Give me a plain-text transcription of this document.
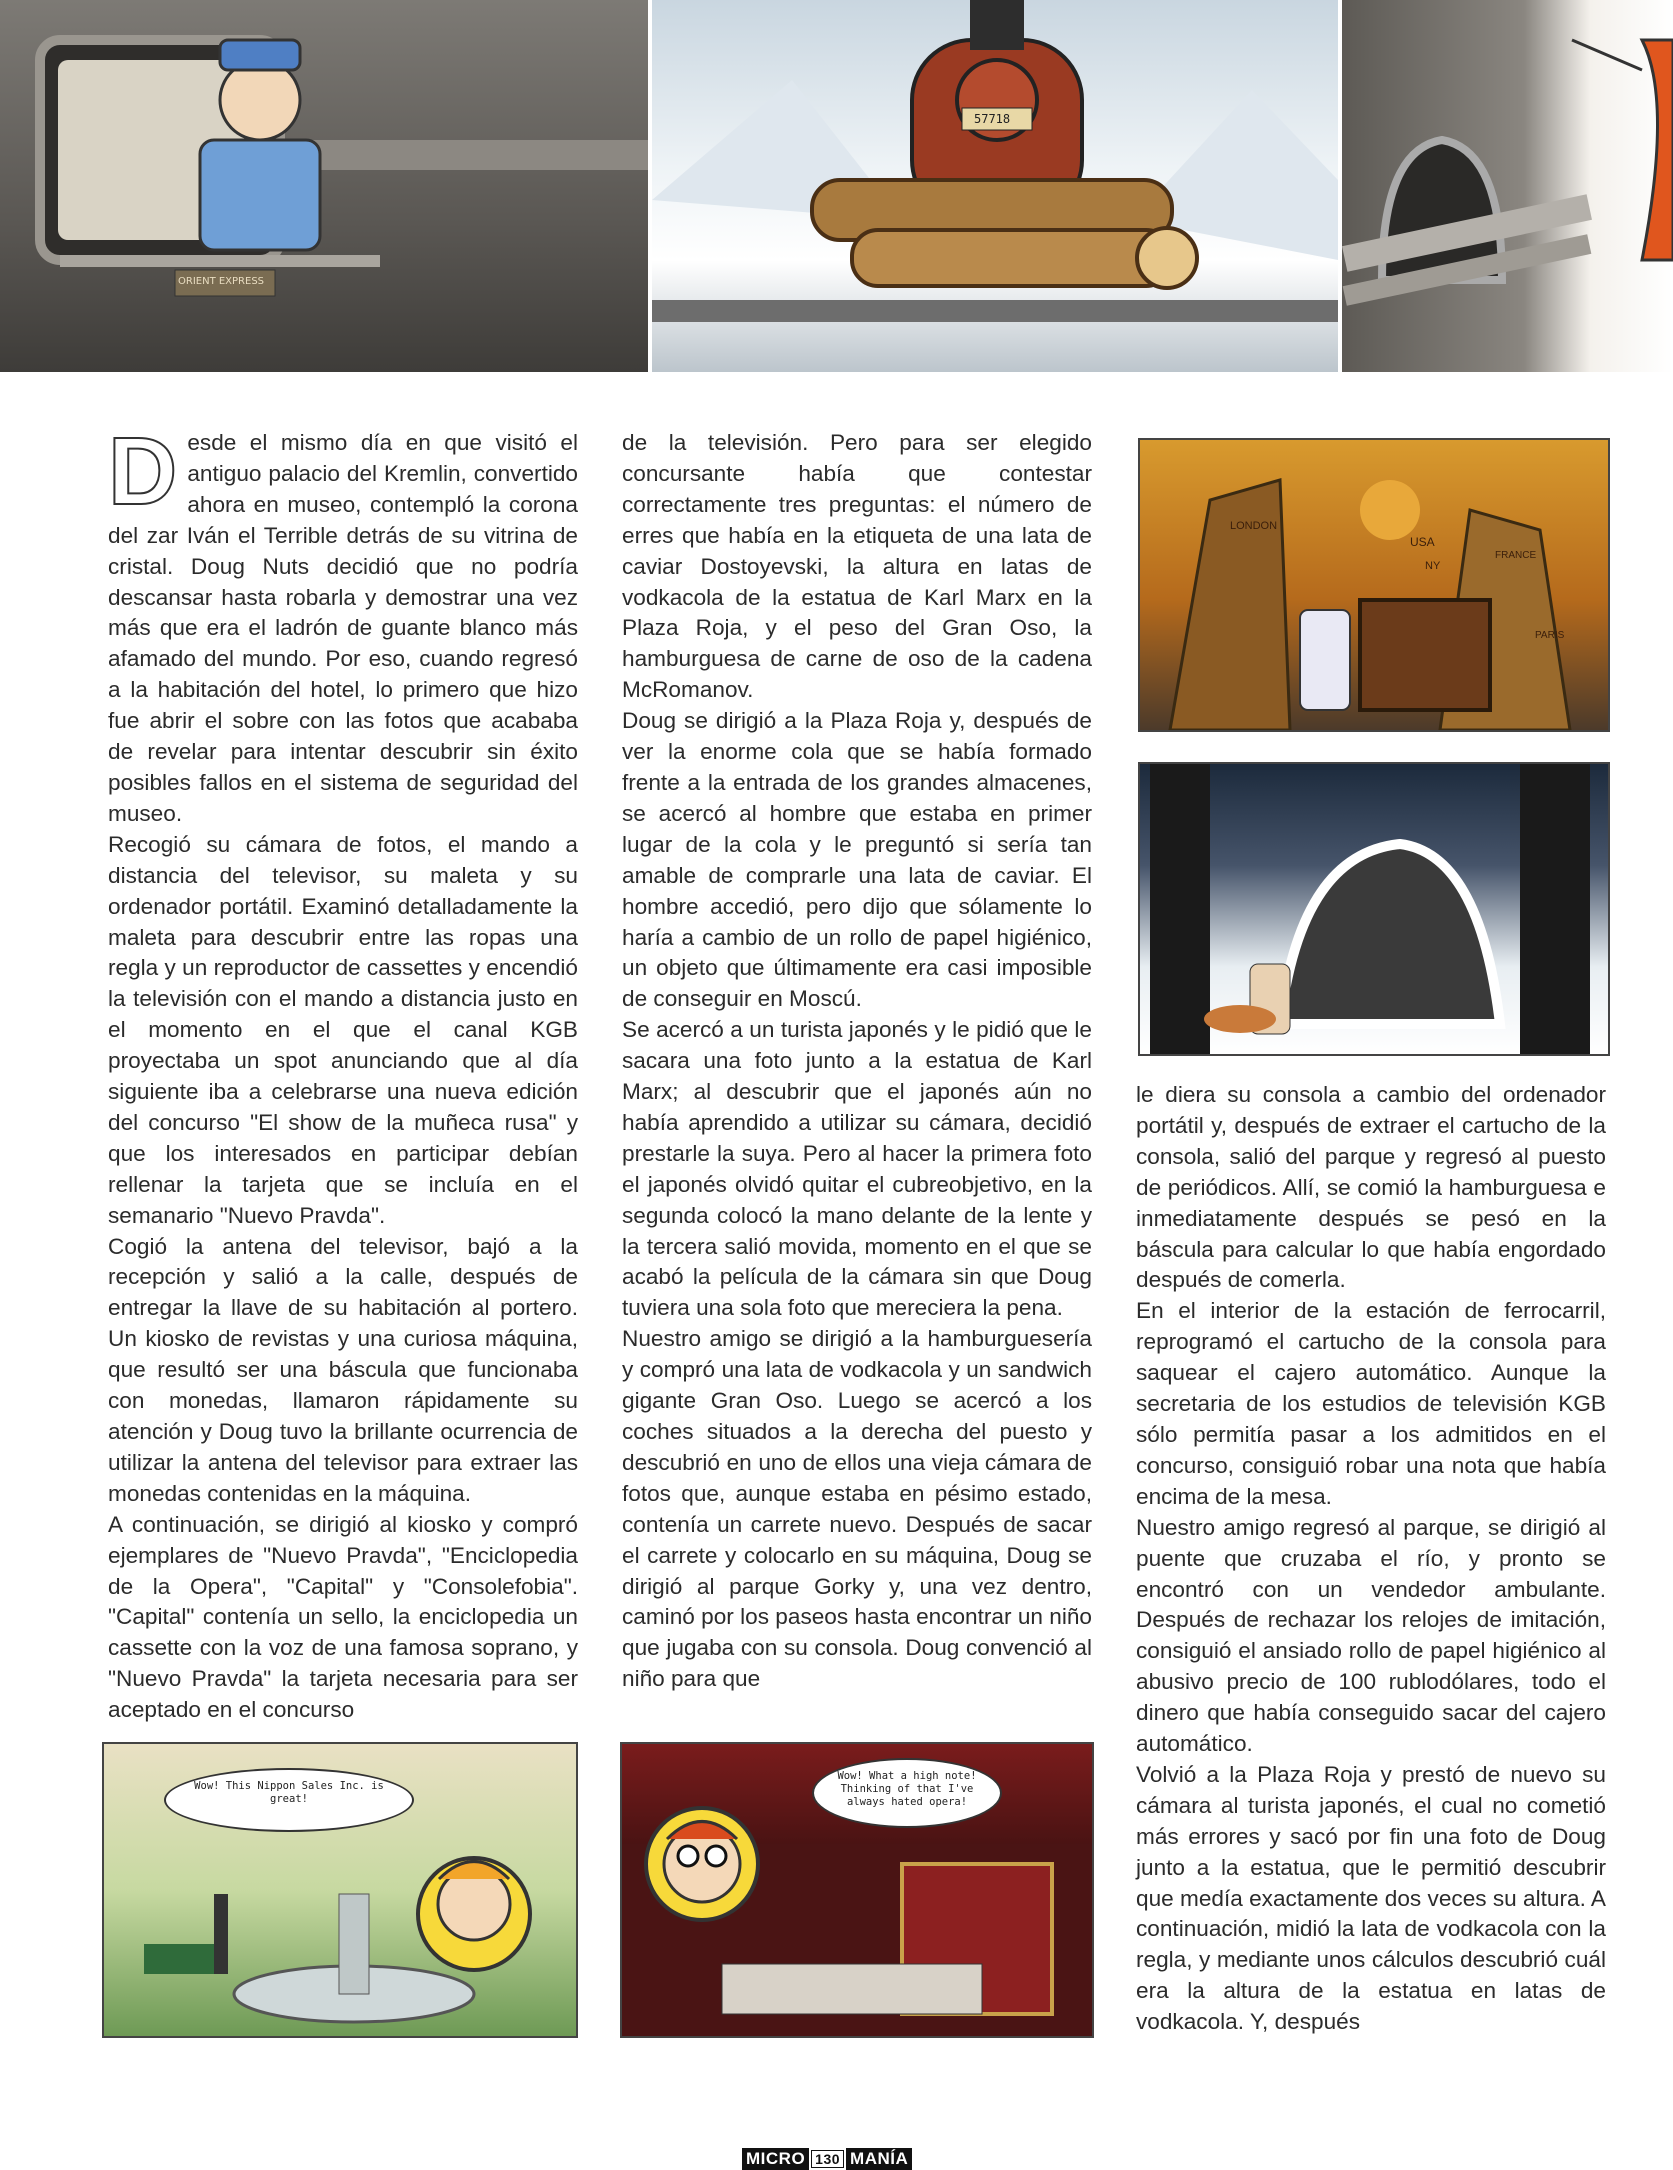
ORIENT EXPRESS
57718
D esde el mismo día en que visitó el antiguo palacio del Kremlin, convertido ahora en museo, contempló la corona del zar Iván el Terrible detrás de su vitrina de cristal. Doug Nuts decidió que no podría descansar hasta robarla y demostrar una vez más que era el ladrón de guante blanco más afamado del mundo. Por eso, cuando regresó a la habitación del hotel, lo primero que hizo fue abrir el sobre con las fotos que acababa de revelar para intentar descubrir sin éxito posibles fallos en el sistema de seguridad del museo.

Recogió su cámara de fotos, el mando a distancia del televisor, su maleta y su ordenador portátil. Examinó detalladamente la maleta para descubrir entre las ropas una regla y un reproductor de cassettes y encendió la televisión con el mando a distancia justo en el momento en el que el canal KGB proyectaba un spot anunciando que al día siguiente iba a celebrarse una nueva edición del concurso "El show de la muñeca rusa" y que los interesados en participar debían rellenar la tarjeta que se incluía en el semanario "Nuevo Pravda".

Cogió la antena del televisor, bajó a la recepción y salió a la calle, después de entregar la llave de su habitación al portero. Un kiosko de revistas y una curiosa máquina, que resultó ser una báscula que funcionaba con monedas, llamaron rápidamente su atención y Doug tuvo la brillante ocurrencia de utilizar la antena del televisor para extraer las monedas contenidas en la máquina.

A continuación, se dirigió al kiosko y compró ejemplares de "Nuevo Pravda", "Enciclopedia de la Opera", "Capital" y "Consolefobia". "Capital" contenía un sello, la enciclopedia un cassette con la voz de una famosa soprano, y "Nuevo Pravda" la tarjeta necesaria para ser aceptado en el concurso

de la televisión. Pero para ser elegido concursante había que contestar correctamente tres preguntas: el número de erres que había en la etiqueta de una lata de caviar Dostoyevski, la altura en latas de vodkacola de la estatua de Karl Marx en la Plaza Roja, y el peso del Gran Oso, la hamburguesa de carne de oso de la cadena McRomanov.

Doug se dirigió a la Plaza Roja y, después de ver la enorme cola que se había formado frente a la entrada de los grandes almacenes, se acercó al hombre que estaba en primer lugar de la cola y le preguntó si sería tan amable de comprarle una lata de caviar. El hombre accedió, pero dijo que sólamente lo haría a cambio de un rollo de papel higiénico, un objeto que últimamente era casi imposible de conseguir en Moscú.

Se acercó a un turista japonés y le pidió que le sacara una foto junto a la estatua de Karl Marx; al descubrir que el japonés aún no había aprendido a utilizar su cámara, decidió prestarle la suya. Pero al hacer la primera foto el japonés olvidó quitar el cubreobjetivo, en la segunda colocó la mano delante de la lente y la tercera salió movida, momento en el que se acabó la película de la cámara sin que Doug tuviera una sola foto que mereciera la pena.

Nuestro amigo se dirigió a la hamburguesería y compró una lata de vodkacola y un sandwich gigante Gran Oso. Luego se acercó a los coches situados a la derecha del puesto y descubrió en uno de ellos una vieja cámara de fotos que, aunque estaba en pésimo estado, contenía un carrete nuevo. Después de sacar el carrete y colocarlo en su máquina, Doug se dirigió al parque Gorky y, una vez dentro, caminó por los paseos hasta encontrar un niño que jugaba con su consola. Doug convenció al niño para que

LONDON
USA
NY
FRANCE
PARIS

le diera su consola a cambio del ordenador portátil y, después de extraer el cartucho de la consola, salió del parque y regresó al puesto de periódicos. Allí, se comió la hamburguesa e inmediatamente después se pesó en la báscula para calcular lo que había engordado después de comerla.

En el interior de la estación de ferrocarril, reprogramó el cartucho de la consola para saquear el cajero automático. Aunque la secretaria de los estudios de televisión KGB sólo permitía pasar a los admitidos en el concurso, consiguió robar una nota que había encima de la mesa.

Nuestro amigo regresó al parque, se dirigió al puente que cruzaba el río, y pronto se encontró con un vendedor ambulante. Después de rechazar los relojes de imitación, consiguió el ansiado rollo de papel higiénico al abusivo precio de 100 rublodólares, todo el dinero que había conseguido sacar del cajero automático.

Volvió a la Plaza Roja y prestó de nuevo su cámara al turista japonés, el cual no cometió más errores y sacó por fin una foto de Doug junto a la estatua, que le permitió descubrir que medía exactamente dos veces su altura. A continuación, midió la lata de vodkacola con la regla, y mediante unos cálculos descubrió cuál era la altura de la estatua en latas de vodkacola. Y, después

Wow! This Nippon Sales Inc. is great!
Wow! What a high note! Thinking of that I've always hated opera!
MICRO 130 MANÍA
